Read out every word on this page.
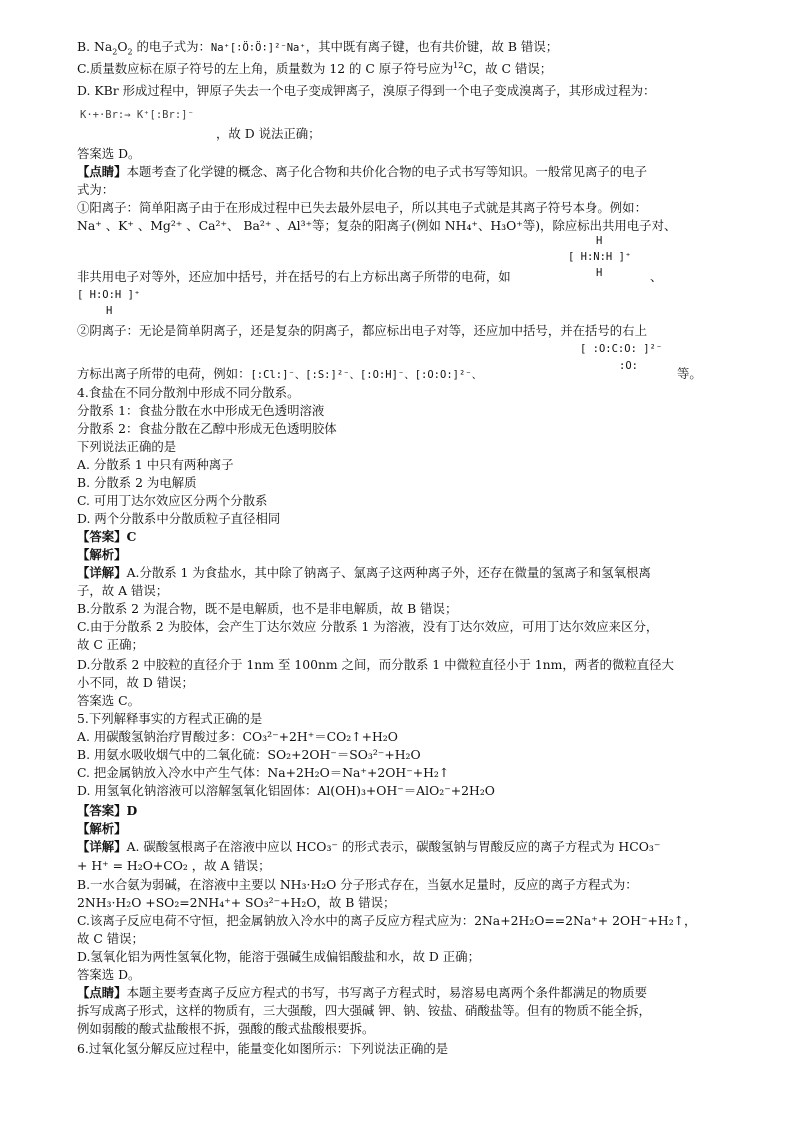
B. $Na_2O_2$ 的电子式为：Na⁺[∶Ö∶Ö∶]²⁻Na⁺，其中既有离子键，也有共价键，故 B 错误；
C.质量数应标在原子符号的左上角，质量数为 12 的 C 原子符号应为$^{12}$C，故 C 错误；
D. KBr 形成过程中，钾原子失去一个电子变成钾离子，溴原子得到一个电子变成溴离子，其形成过程为：
K·+·Br:→ K⁺[:Br:]⁻
，故 D 说法正确；
答案选 D。
【点睛】本题考查了化学键的概念、离子化合物和共价化合物的电子式书写等知识。一般常见离子的电子
式为：
①阳离子：简单阳离子由于在形成过程中已失去最外层电子，所以其电子式就是其离子符号本身。例如：
Na⁺ 、K⁺ 、Mg²⁺ 、Ca²⁺、 Ba²⁺ 、Al³⁺等；复杂的阳离子(例如 NH₄⁺、H₃O⁺等)，除应标出共用电子对、
H
[ H:N:H ]⁺
H
非共用电子对等外，还应加中括号，并在括号的右上方标出离子所带的电荷，如	、
[ H:O:H ]⁺
H
②阴离子：无论是简单阴离子，还是复杂的阴离子，都应标出电子对等，还应加中括号，并在括号的右上
[ :O:C:O: ]²⁻
:O:
方标出离子所带的电荷，例如：[:Cl:]⁻、[:S:]²⁻、[:O:H]⁻、[:O:O:]²⁻、	等。
4.食盐在不同分散剂中形成不同分散系。
分散系 1：食盐分散在水中形成无色透明溶液
分散系 2：食盐分散在乙醇中形成无色透明胶体
下列说法正确的是
A. 分散系 1 中只有两种离子
B. 分散系 2 为电解质
C. 可用丁达尔效应区分两个分散系
D. 两个分散系中分散质粒子直径相同
【答案】C
【解析】
【详解】A.分散系 1 为食盐水，其中除了钠离子、氯离子这两种离子外，还存在微量的氢离子和氢氧根离
子，故 A 错误；
B.分散系 2 为混合物，既不是电解质，也不是非电解质，故 B 错误；
C.由于分散系 2 为胶体，会产生丁达尔效应 分散系 1 为溶液，没有丁达尔效应，可用丁达尔效应来区分，
故 C 正确；
D.分散系 2 中胶粒的直径介于 1nm 至 100nm 之间，而分散系 1 中微粒直径小于 1nm，两者的微粒直径大
小不同，故 D 错误；
答案选 C。
5.下列解释事实的方程式正确的是
A. 用碳酸氢钠治疗胃酸过多：CO₃²⁻+2H⁺＝CO₂↑+H₂O
B. 用氨水吸收烟气中的二氧化硫：SO₂+2OH⁻＝SO₃²⁻+H₂O
C. 把金属钠放入冷水中产生气体：Na+2H₂O＝Na⁺+2OH⁻+H₂↑
D. 用氢氧化钠溶液可以溶解氢氧化铝固体：Al(OH)₃+OH⁻＝AlO₂⁻+2H₂O
【答案】D
【解析】
【详解】A. 碳酸氢根离子在溶液中应以 HCO₃⁻ 的形式表示，碳酸氢钠与胃酸反应的离子方程式为 HCO₃⁻
+ H⁺ = H₂O+CO₂ ，故 A 错误；
B.一水合氨为弱碱，在溶液中主要以 NH₃·H₂O 分子形式存在，当氨水足量时，反应的离子方程式为：
2NH₃·H₂O +SO₂=2NH₄⁺+ SO₃²⁻+H₂O，故 B 错误；
C.该离子反应电荷不守恒，把金属钠放入冷水中的离子反应方程式应为：2Na+2H₂O==2Na⁺+ 2OH⁻+H₂↑，
故 C 错误；
D.氢氧化铝为两性氢氧化物，能溶于强碱生成偏铝酸盐和水，故 D 正确；
答案选 D。
【点睛】本题主要考查离子反应方程式的书写，书写离子方程式时，易溶易电离两个条件都满足的物质要
拆写成离子形式，这样的物质有，三大强酸，四大强碱 钾、钠、铵盐、硝酸盐等。但有的物质不能全拆，
例如弱酸的酸式盐酸根不拆，强酸的酸式盐酸根要拆。
6.过氧化氢分解反应过程中，能量变化如图所示：下列说法正确的是
